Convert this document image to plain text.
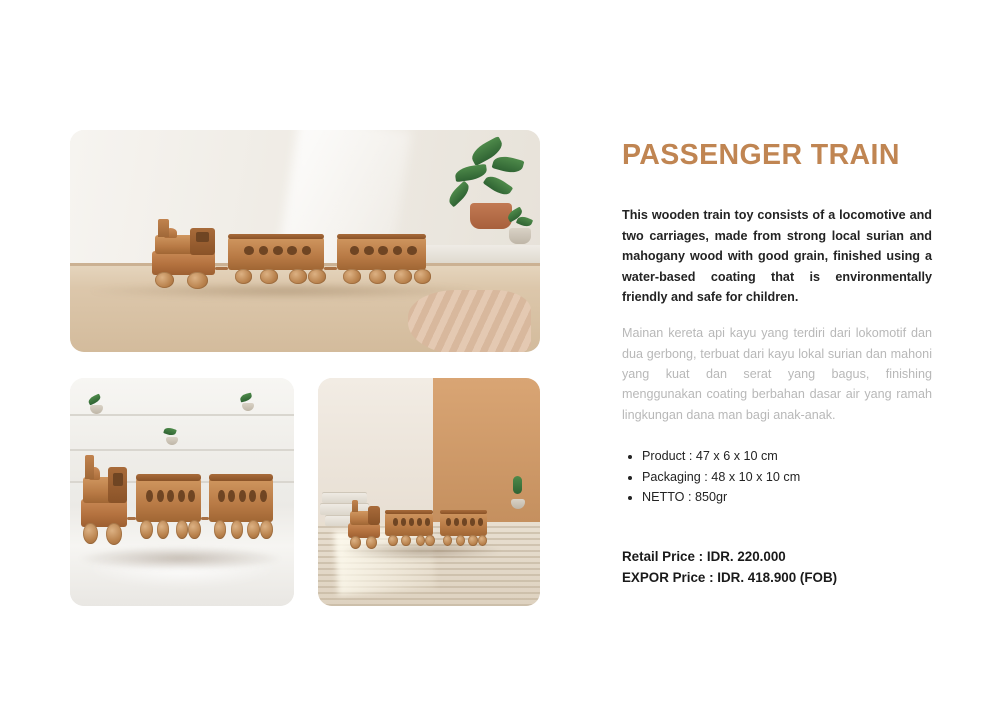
PASSENGER TRAIN

This wooden train toy consists of a locomotive and two carriages, made from strong local surian and mahogany wood with good grain, finished using a water-based coating that is environmentally friendly and safe for children.

Mainan kereta api kayu yang terdiri dari lokomotif dan dua gerbong, terbuat dari kayu lokal surian dan mahoni yang kuat dan serat yang bagus, finishing menggunakan coating berbahan dasar air yang ramah lingkungan dana man bagi anak-anak.

• Product : 47 x 6 x 10 cm
• Packaging : 48 x 10 x 10 cm
• NETTO : 850gr
Retail Price : IDR. 220.000
EXPOR Price : IDR. 418.900 (FOB)
